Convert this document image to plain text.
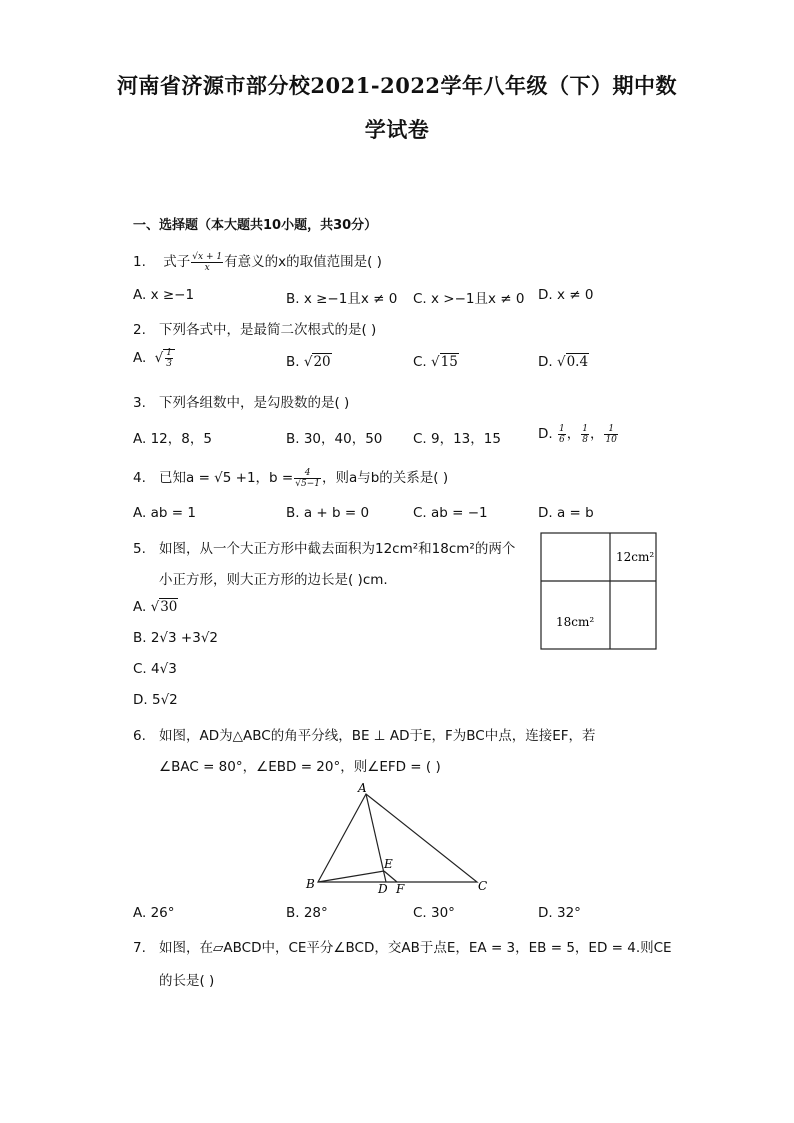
河南省济源市部分校2021-2022学年八年级（下）期中数
学试卷
一、选择题（本大题共10小题，共30分）
1. 式子 $\frac{√x + 1}{x}$ 有意义的x的取值范围是( )
A. x ≥−1	B. x ≥−1且x ≠ 0 C. x >−1且x ≠ 0 D. x ≠ 0
2. 下列各式中，是最简二次根式的是( )
A. √ $\frac{1}{3}$	B. √20	C. √15	D. √0.4
3. 下列各组数中，是勾股数的是( )
A. 12，8，5	B. 30，40，50 C. 9，13，15	D. $\frac{1}{6}$ ， $\frac{1}{8}$ ， $\frac{1}{10}$
4. 已知a = √5 +1，$b = \frac{4}{√5-1}$ ，则a与b的关系是( )
A. ab = 1	B. a + b = 0	C. ab = −1	D. a = b
5. 如图，从一个大正方形中截去面积为12cm²和18cm²的两个
小正方形，则大正方形的边长是( )cm.
A. √30
B. 2√3 +3√2
C. 4√3
D. 5√2
12cm²
18cm²
6. 如图，AD为△ABC的角平分线，BE ⊥ AD于E，F为BC中点，连接EF，若
∠BAC = 80°，∠EBD = 20°，则∠EFD = ( )
A
B	C
D
E
F
A. 26°	B. 28°	C. 30°	D. 32°
7. 如图，在▱ABCD中，CE平分∠BCD，交AB于点E，EA = 3，EB = 5，ED = 4.则CE
的长是( )
